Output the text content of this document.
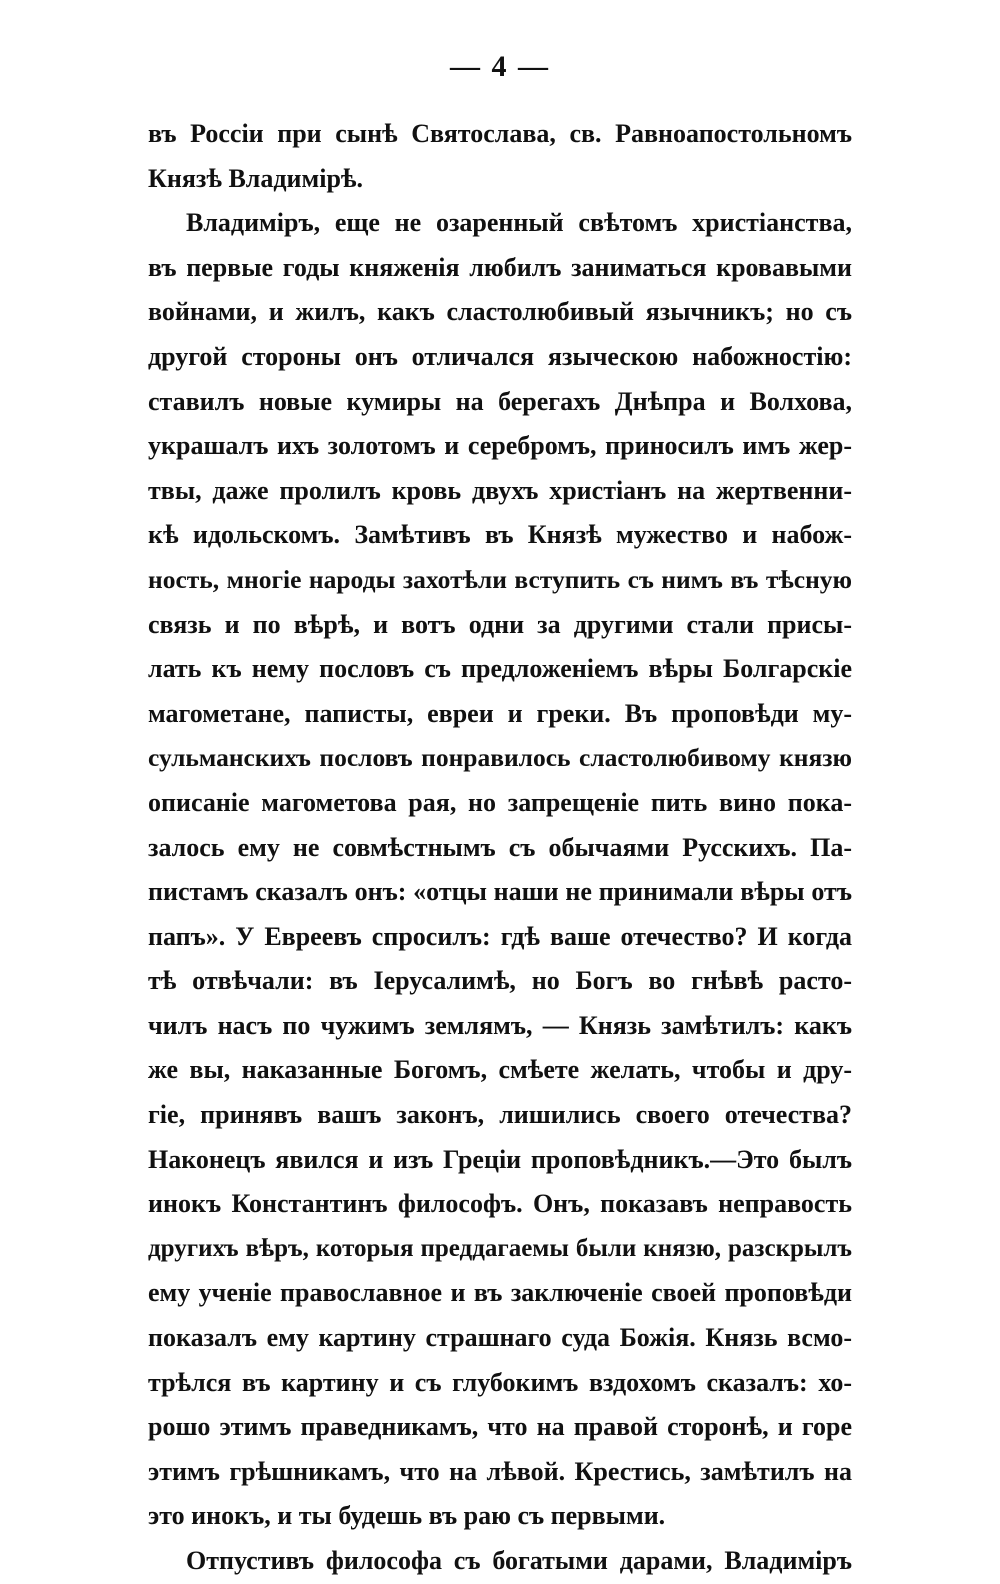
— 4 —
въ Россіи при сынѣ Святослава, св. Равноапостольномъ
Князѣ Владимірѣ.
Владиміръ, еще не озаренный свѣтомъ христіанства,
въ первые годы княженія любилъ заниматься кровавыми
войнами, и жилъ, какъ сластолюбивый язычникъ; но съ
другой стороны онъ отличался языческою набожностію:
ставилъ новые кумиры на берегахъ Днѣпра и Волхова,
украшалъ ихъ золотомъ и серебромъ, приносилъ имъ жер-
твы, даже пролилъ кровь двухъ христіанъ на жертвенни-
кѣ идольскомъ. Замѣтивъ въ Князѣ мужество и набож-
ность, многіе народы захотѣли вступить съ нимъ въ тѣсную
связь и по вѣрѣ, и вотъ одни за другими стали присы-
лать къ нему пословъ съ предложеніемъ вѣры Болгарскіе
магометане, паписты, евреи и греки. Въ проповѣди му-
сульманскихъ пословъ понравилось сластолюбивому князю
описаніе магометова рая, но запрещеніе пить вино пока-
залось ему не совмѣстнымъ съ обычаями Русскихъ. Па-
пистамъ сказалъ онъ: «отцы наши не принимали вѣры отъ
папъ». У Евреевъ спросилъ: гдѣ ваше отечество? И когда
тѣ отвѣчали: въ Іерусалимѣ, но Богъ во гнѣвѣ расто-
чилъ насъ по чужимъ землямъ, — Князь замѣтилъ: какъ
же вы, наказанные Богомъ, смѣете желать, чтобы и дру-
гіе, принявъ вашъ законъ, лишились своего отечества?
Наконецъ явился и изъ Греціи проповѣдникъ.—Это былъ
инокъ Константинъ философъ. Онъ, показавъ неправость
другихъ вѣръ, которыя преддагаемы были князю, разскрылъ
ему ученіе православное и въ заключеніе своей проповѣди
показалъ ему картину страшнаго суда Божія. Князь всмо-
трѣлся въ картину и съ глубокимъ вздохомъ сказалъ: хо-
рошо этимъ праведникамъ, что на правой сторонѣ, и горе
этимъ грѣшникамъ, что на лѣвой. Крестись, замѣтилъ на
это инокъ, и ты будешь въ раю съ первыми.
Отпустивъ философа съ богатыми дарами, Владиміръ
